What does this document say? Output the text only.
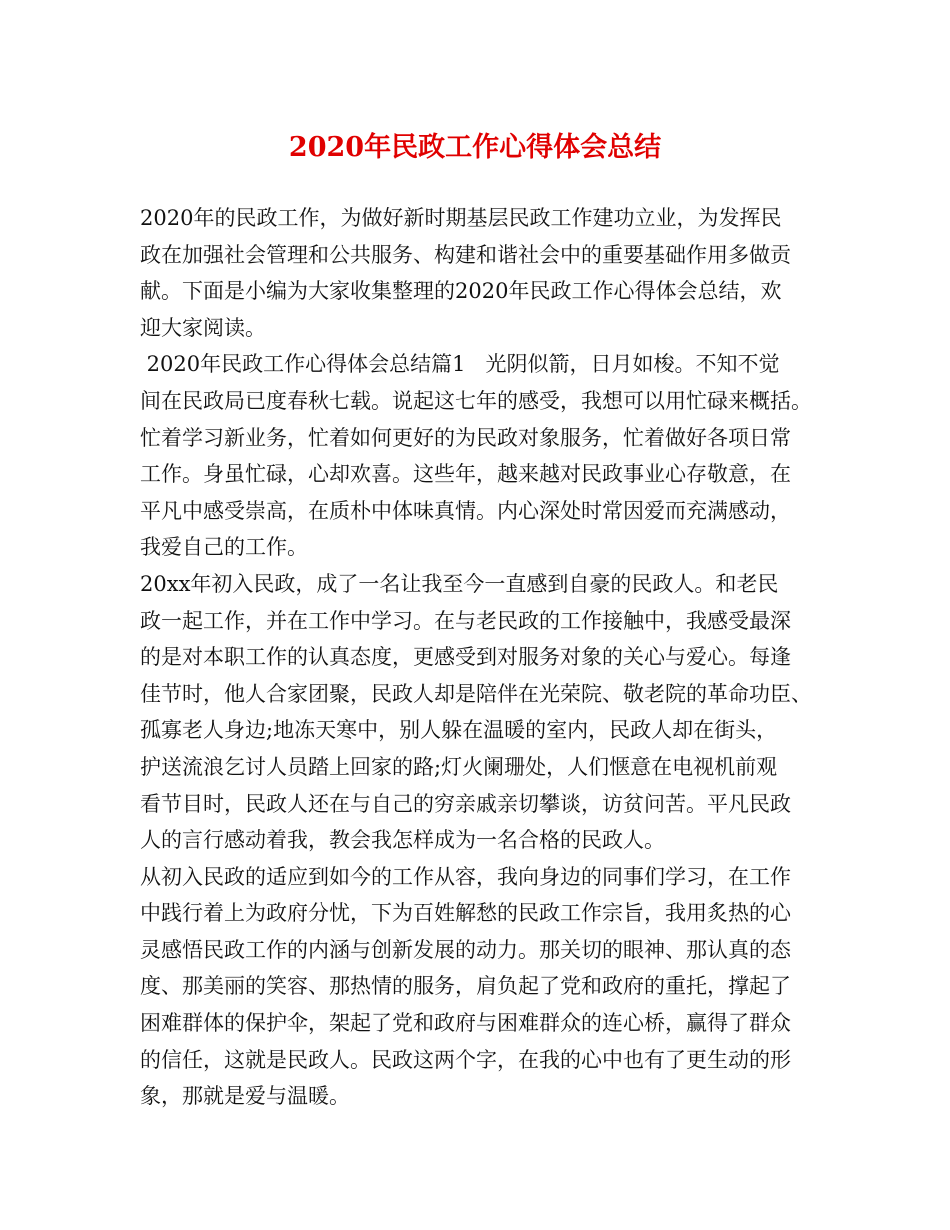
2020年民政工作心得体会总结
2020年的民政工作，为做好新时期基层民政工作建功立业，为发挥民
政在加强社会管理和公共服务、构建和谐社会中的重要基础作用多做贡
献。下面是小编为大家收集整理的2020年民政工作心得体会总结，欢
迎大家阅读。
2020年民政工作心得体会总结篇1   光阴似箭，日月如梭。不知不觉
间在民政局已度春秋七载。说起这七年的感受，我想可以用忙碌来概括。
忙着学习新业务，忙着如何更好的为民政对象服务，忙着做好各项日常
工作。身虽忙碌，心却欢喜。这些年，越来越对民政事业心存敬意，在
平凡中感受崇高，在质朴中体味真情。内心深处时常因爱而充满感动，
我爱自己的工作。
20xx年初入民政，成了一名让我至今一直感到自豪的民政人。和老民
政一起工作，并在工作中学习。在与老民政的工作接触中，我感受最深
的是对本职工作的认真态度，更感受到对服务对象的关心与爱心。每逢
佳节时，他人合家团聚，民政人却是陪伴在光荣院、敬老院的革命功臣、
孤寡老人身边;地冻天寒中，别人躲在温暖的室内，民政人却在街头，
护送流浪乞讨人员踏上回家的路;灯火阑珊处，人们惬意在电视机前观
看节目时，民政人还在与自己的穷亲戚亲切攀谈，访贫问苦。平凡民政
人的言行感动着我，教会我怎样成为一名合格的民政人。
从初入民政的适应到如今的工作从容，我向身边的同事们学习，在工作
中践行着上为政府分忧，下为百姓解愁的民政工作宗旨，我用炙热的心
灵感悟民政工作的内涵与创新发展的动力。那关切的眼神、那认真的态
度、那美丽的笑容、那热情的服务，肩负起了党和政府的重托，撑起了
困难群体的保护伞，架起了党和政府与困难群众的连心桥，赢得了群众
的信任，这就是民政人。民政这两个字，在我的心中也有了更生动的形
象，那就是爱与温暖。
